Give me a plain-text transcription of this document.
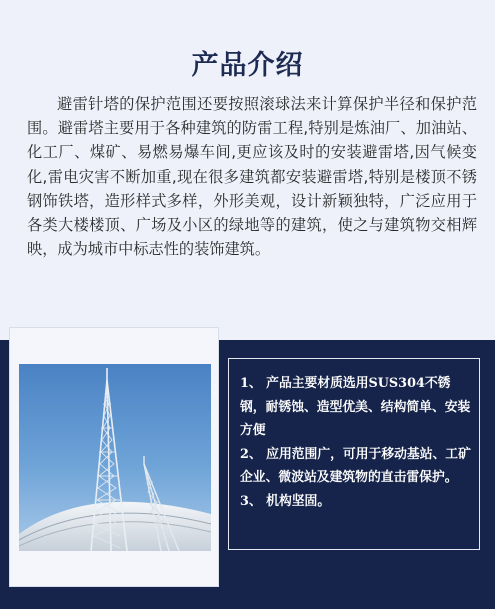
产品介绍

避雷针塔的保护范围还要按照滚球法来计算保护半径和保护范围。避雷塔主要用于各种建筑的防雷工程,特别是炼油厂、加油站、化工厂、煤矿、易燃易爆车间,更应该及时的安装避雷塔,因气候变化,雷电灾害不断加重,现在很多建筑都安装避雷塔,特别是楼顶不锈钢饰铁塔，造形样式多样，外形美观，设计新颖独特，广泛应用于各类大楼楼顶、广场及小区的绿地等的建筑，使之与建筑物交相辉映，成为城市中标志性的装饰建筑。

1、 产品主要材质选用SUS304不锈钢，耐锈蚀、造型优美、结构简单、安装方便
2、 应用范围广，可用于移动基站、工矿企业、微波站及建筑物的直击雷保护。
3、 机构坚固。
